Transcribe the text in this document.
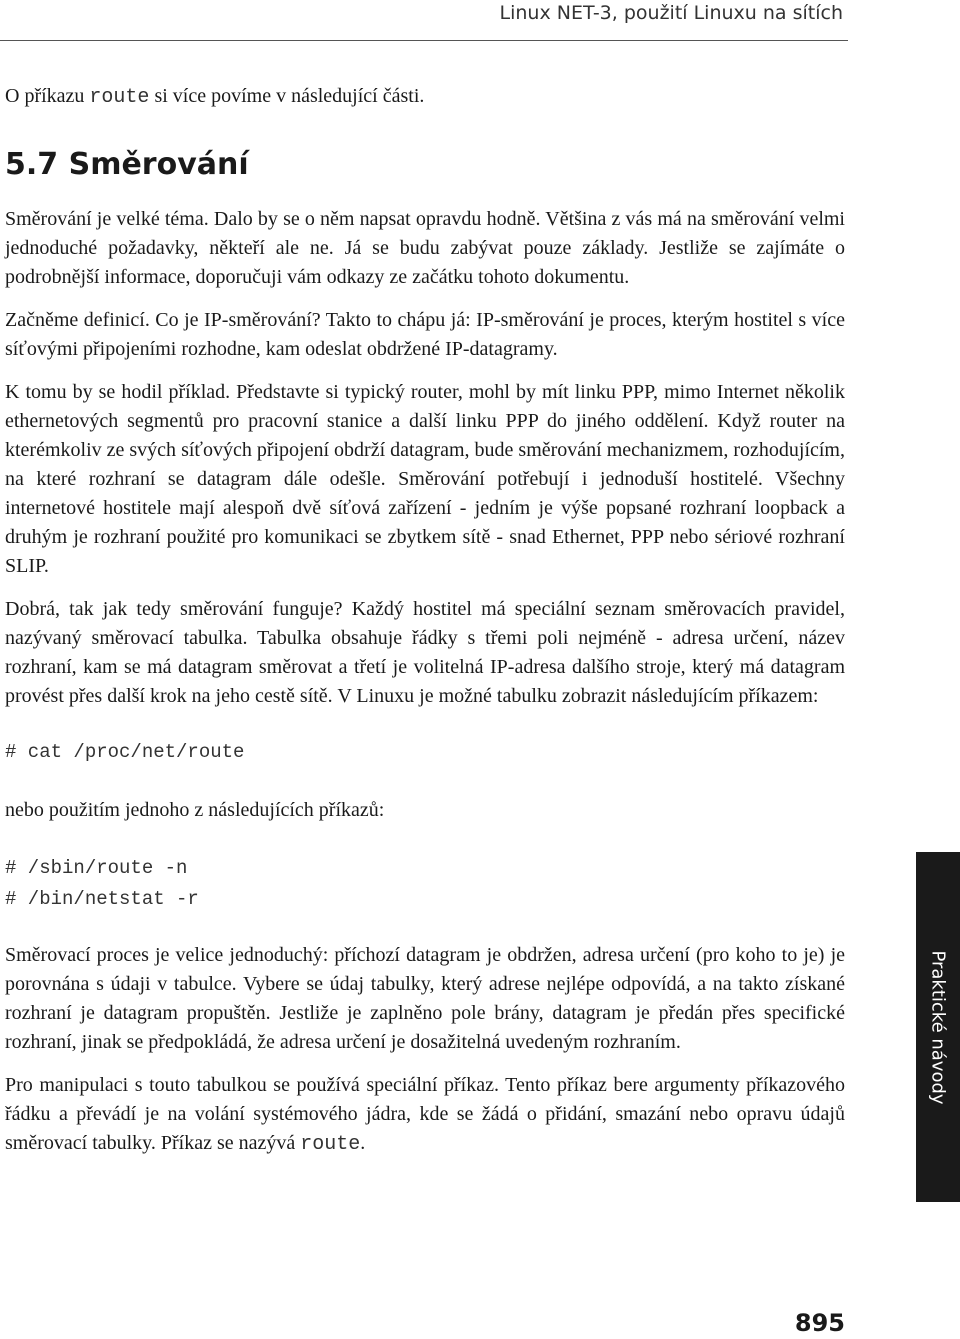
Linux NET-3, použití Linuxu na sítích

O příkazu route si více povíme v následující části.

5.7 Směrování

Směrování je velké téma. Dalo by se o něm napsat opravdu hodně. Většina z vás má na směrování velmi jednoduché požadavky, někteří ale ne. Já se budu zabývat pouze základy. Jestliže se zajímáte o podrobnější informace, doporučuji vám odkazy ze začátku tohoto dokumentu.

Začněme definicí. Co je IP-směrování? Takto to chápu já: IP-směrování je proces, kterým hostitel s více síťovými připojeními rozhodne, kam odeslat obdržené IP-datagramy.

K tomu by se hodil příklad. Představte si typický router, mohl by mít linku PPP, mimo Internet několik ethernetových segmentů pro pracovní stanice a další linku PPP do jiného oddělení. Když router na kterémkoliv ze svých síťových připojení obdrží datagram, bude směrování mechanizmem, rozhodujícím, na které rozhraní se datagram dále odešle. Směrování potřebují i jednoduší hostitelé. Všechny internetové hostitele mají alespoň dvě síťová zařízení - jedním je výše popsané rozhraní loopback a druhým je rozhraní použité pro komunikaci se zbytkem sítě - snad Ethernet, PPP nebo sériové rozhraní SLIP.

Dobrá, tak jak tedy směrování funguje? Každý hostitel má speciální seznam směrovacích pravidel, nazývaný směrovací tabulka. Tabulka obsahuje řádky s třemi poli nejméně - adresa určení, název rozhraní, kam se má datagram směrovat a třetí je volitelná IP-adresa dalšího stroje, který má datagram provést přes další krok na jeho cestě sítě. V Linuxu je možné tabulku zobrazit následujícím příkazem:

# cat /proc/net/route

nebo použitím jednoho z následujících příkazů:

# /sbin/route -n
# /bin/netstat -r

Směrovací proces je velice jednoduchý: příchozí datagram je obdržen, adresa určení (pro koho to je) je porovnána s údaji v tabulce. Vybere se údaj tabulky, který adrese nejlépe odpovídá, a na takto získané rozhraní je datagram propuštěn. Jestliže je zaplněno pole brány, datagram je předán přes specifické rozhraní, jinak se předpokládá, že adresa určení je dosažitelná uvedeným rozhraním.

Pro manipulaci s touto tabulkou se používá speciální příkaz. Tento příkaz bere argumenty příkazového řádku a převádí je na volání systémového jádra, kde se žádá o přidání, smazání nebo opravu údajů směrovací tabulky. Příkaz se nazývá route.

Praktické návody
895
